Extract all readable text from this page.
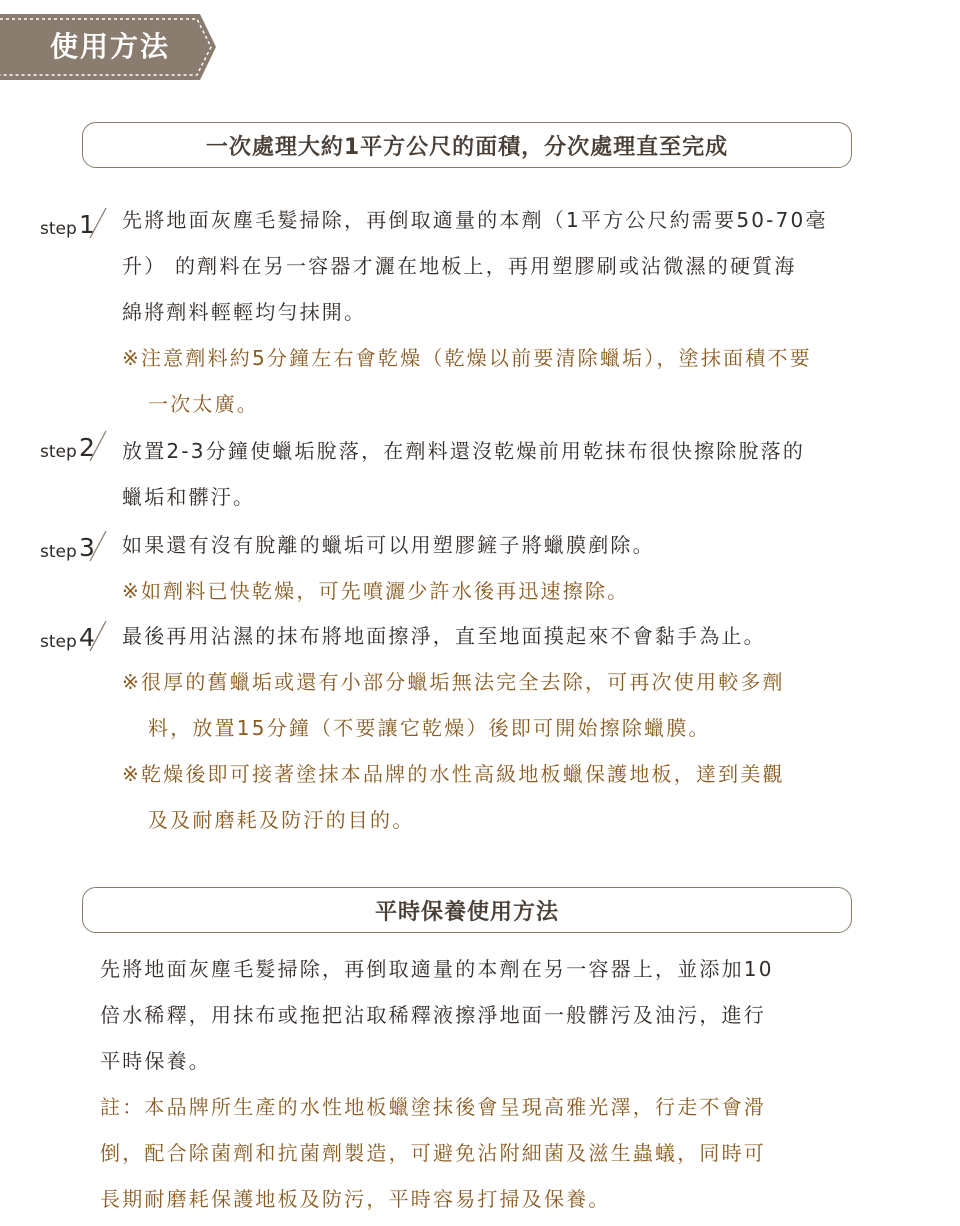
使用方法
一次處理大約1平方公尺的面積，分次處理直至完成
step 1 先將地面灰塵毛髮掃除，再倒取適量的本劑（1平方公尺約需要50-70毫
升） 的劑料在另一容器才灑在地板上，再用塑膠刷或沾微濕的硬質海
綿將劑料輕輕均勻抹開。
※注意劑料約5分鐘左右會乾燥（乾燥以前要清除蠟垢），塗抹面積不要
一次太廣。
step 2 放置2-3分鐘使蠟垢脫落，在劑料還沒乾燥前用乾抹布很快擦除脫落的
蠟垢和髒汙。
step 3 如果還有沒有脫離的蠟垢可以用塑膠鏟子將蠟膜剷除。
※如劑料已快乾燥，可先噴灑少許水後再迅速擦除。
step 4 最後再用沾濕的抹布將地面擦淨，直至地面摸起來不會黏手為止。
※很厚的舊蠟垢或還有小部分蠟垢無法完全去除，可再次使用較多劑
料，放置15分鐘（不要讓它乾燥）後即可開始擦除蠟膜。
※乾燥後即可接著塗抹本品牌的水性高級地板蠟保護地板，達到美觀
及及耐磨耗及防汙的目的。
平時保養使用方法
先將地面灰塵毛髮掃除，再倒取適量的本劑在另一容器上，並添加10
倍水稀釋，用抹布或拖把沾取稀釋液擦淨地面一般髒污及油污，進行
平時保養。
註：本品牌所生產的水性地板蠟塗抹後會呈現高雅光澤，行走不會滑
倒，配合除菌劑和抗菌劑製造，可避免沾附細菌及滋生蟲蟻，同時可
長期耐磨耗保護地板及防污，平時容易打掃及保養。
